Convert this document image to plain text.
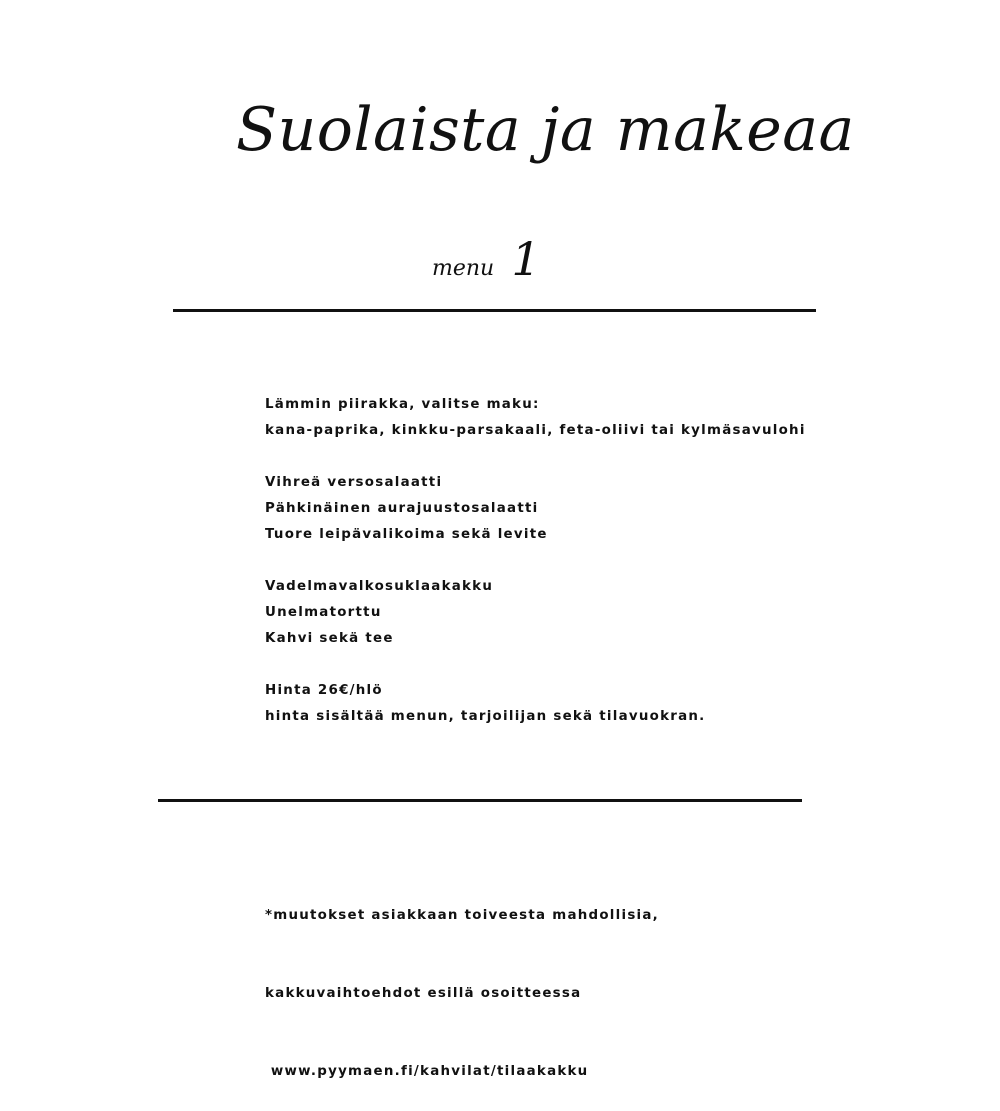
Suolaista ja makeaa
menu 1
Lämmin piirakka, valitse maku:
kana-paprika, kinkku-parsakaali, feta-oliivi tai kylmäsavulohi
Vihreä versosalaatti
Pähkinäinen aurajuustosalaatti
Tuore leipävalikoima sekä levite
Vadelmavalkosuklaakakku
Unelmatorttu
Kahvi sekä tee
Hinta 26€/hlö
hinta sisältää menun, tarjoilijan sekä tilavuokran.

*muutokset asiakkaan toiveesta mahdollisia,

kakkuvaihtoehdot esillä osoitteessa

www.pyymaen.fi/kahvilat/tilaakakku
